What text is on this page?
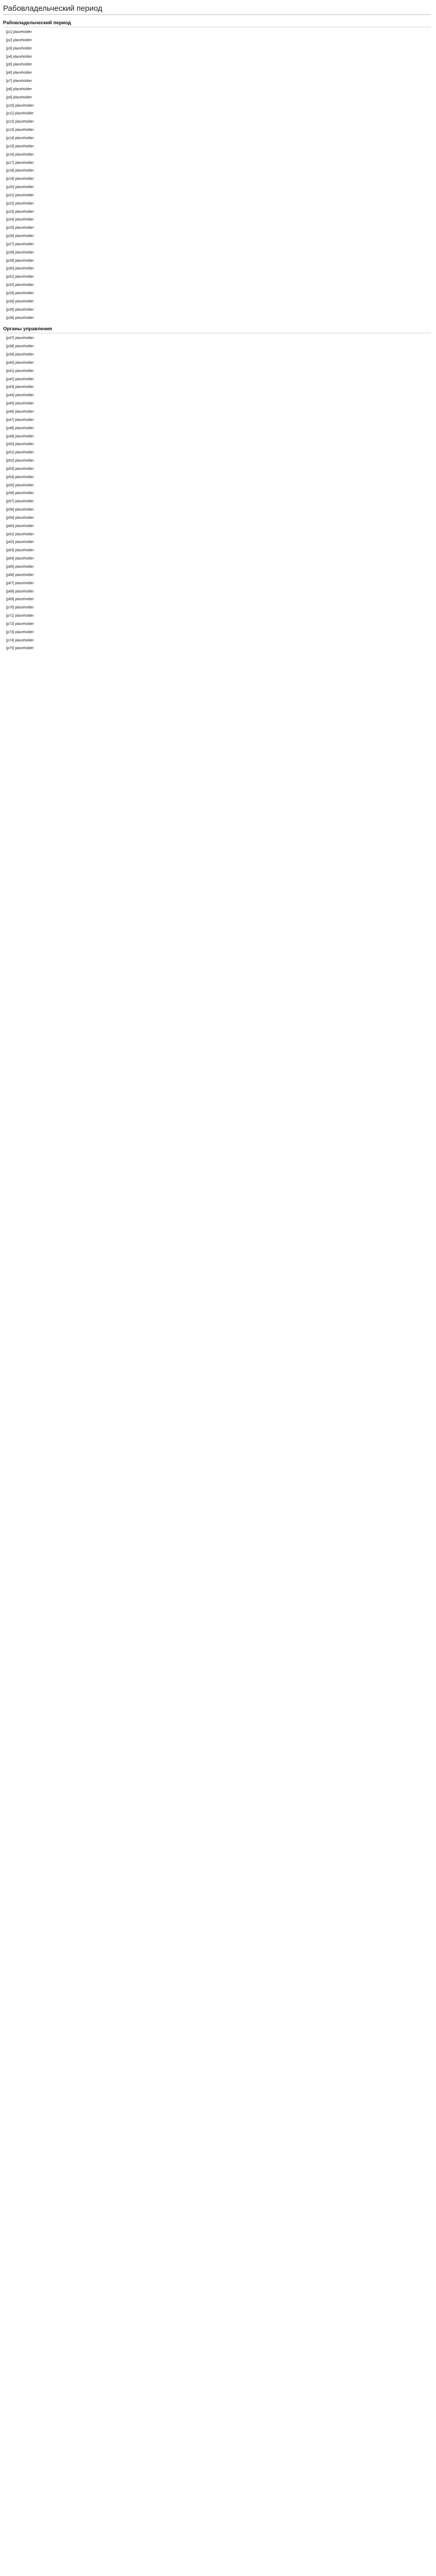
Рабовладельческий период
Рабовладельческий период

[p1] placeholder

[p2] placeholder

[p3] placeholder

[p4] placeholder

[p5] placeholder

[p6] placeholder

[p7] placeholder

[p8] placeholder

[p9] placeholder

[p10] placeholder

[p11] placeholder

[p12] placeholder

[p13] placeholder

[p14] placeholder

[p15] placeholder

[p16] placeholder

[p17] placeholder

[p18] placeholder

[p19] placeholder

[p20] placeholder

[p21] placeholder

[p22] placeholder

[p23] placeholder

[p24] placeholder

[p25] placeholder

[p26] placeholder

[p27] placeholder

[p28] placeholder

[p29] placeholder

[p30] placeholder

[p31] placeholder

[p32] placeholder

[p33] placeholder

[p34] placeholder

[p35] placeholder

[p36] placeholder

Органы управления

[p37] placeholder

[p38] placeholder

[p39] placeholder

[p40] placeholder

[p41] placeholder

[p42] placeholder

[p43] placeholder

[p44] placeholder

[p45] placeholder

[p46] placeholder

[p47] placeholder

[p48] placeholder

[p49] placeholder

[p50] placeholder

[p51] placeholder

[p52] placeholder

[p53] placeholder

[p54] placeholder

[p55] placeholder

[p56] placeholder

[p57] placeholder

[p58] placeholder

[p59] placeholder

[p60] placeholder

[p61] placeholder

[p62] placeholder

[p63] placeholder

[p64] placeholder

[p65] placeholder

[p66] placeholder

[p67] placeholder

[p68] placeholder

[p69] placeholder

[p70] placeholder

[p71] placeholder

[p72] placeholder

[p73] placeholder

[p74] placeholder

[p75] placeholder
